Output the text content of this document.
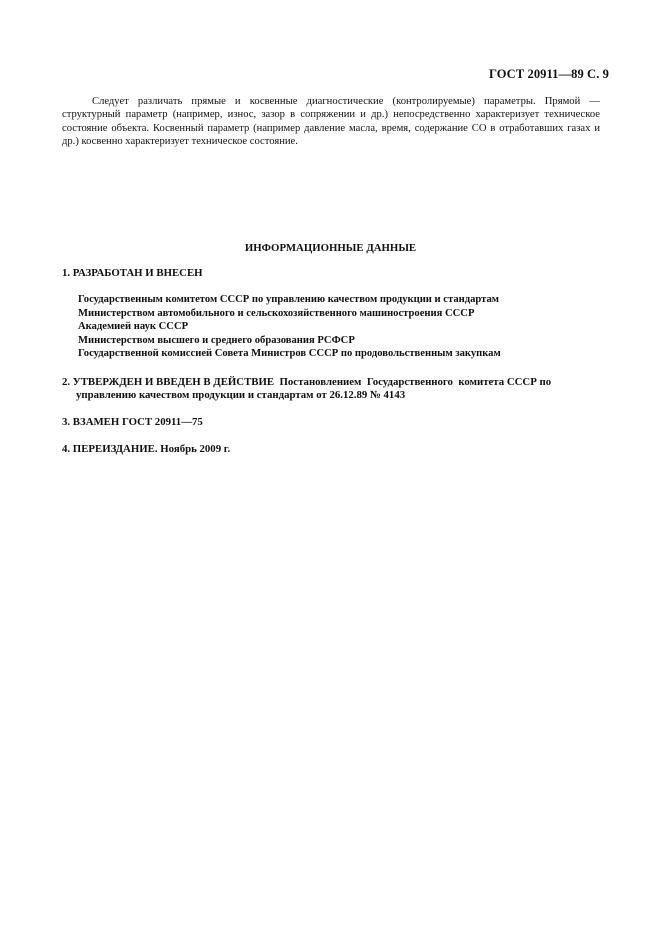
ГОСТ 20911—89 С. 9

Следует различать прямые и косвенные диагностические (контролируемые) параметры. Прямой — структурный параметр (например, износ, зазор в сопряжении и др.) непосредственно характеризует техническое состояние объекта. Косвенный параметр (например давление масла, время, содержание СО в отработавших газах и др.) косвенно характеризует техническое состояние.

ИНФОРМАЦИОННЫЕ ДАННЫЕ
1. РАЗРАБОТАН И ВНЕСЕН
Государственным комитетом СССР по управлению качеством продукции и стандартам
Министерством автомобильного и сельскохозяйственного машиностроения СССР
Академией наук СССР
Министерством высшего и среднего образования РСФСР
Государственной комиссией Совета Министров СССР по продовольственным закупкам
2. УТВЕРЖДЕН И ВВЕДЕН В ДЕЙСТВИЕ Постановлением  Государственного  комитета СССР по
управлению качеством продукции и стандартам от 26.12.89 № 4143
3. ВЗАМЕН ГОСТ 20911—75
4. ПЕРЕИЗДАНИЕ. Ноябрь 2009 г.
